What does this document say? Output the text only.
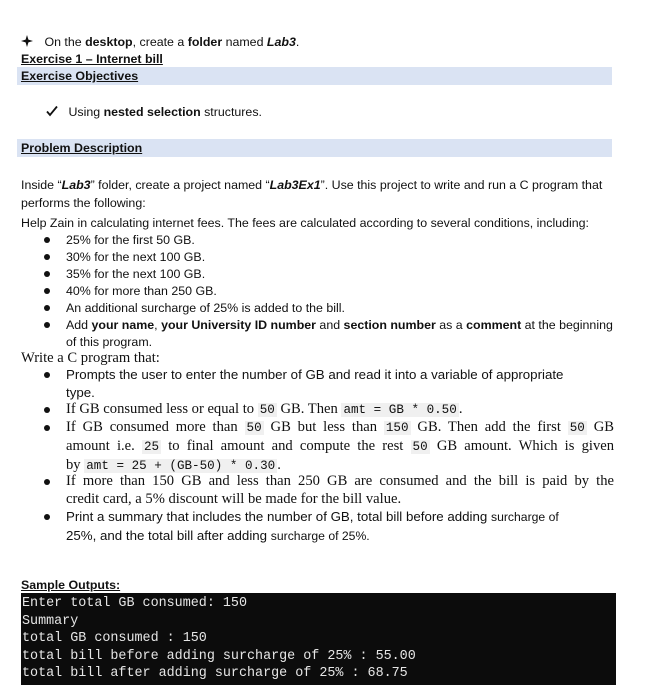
On the desktop, create a folder named Lab3.
Exercise 1 – Internet bill
Exercise Objectives
Using nested selection structures.
Problem Description
Inside “Lab3” folder, create a project named “Lab3Ex1”. Use this project to write and run a C program that performs the following:
Help Zain in calculating internet fees. The fees are calculated according to several conditions, including:
25% for the first 50 GB.
30% for the next 100 GB.
35% for the next 100 GB.
40% for more than 250 GB.
An additional surcharge of 25% is added to the bill.
Add your name, your University ID number and section number as a comment at the beginning
of this program.
Write a C program that:
Prompts the user to enter the number of GB and read it into a variable of appropriate
type.
If GB consumed less or equal to 50 GB. Then amt = GB * 0.50 .
If GB consumed more than 50 GB but less than 150 GB. Then add the first 50 GB
amount i.e. 25 to final amount and compute the rest 50 GB amount. Which is given
by amt = 25 + (GB-50) * 0.30 .
If more than 150 GB and less than 250 GB are consumed and the bill is paid by the
credit card, a 5% discount will be made for the bill value.
Print a summary that includes the number of GB, total bill before adding surcharge of
25%, and the total bill after adding surcharge of 25%.
Sample Outputs:
Enter total GB consumed: 150
Summary
total GB consumed : 150
total bill before adding surcharge of 25% : 55.00
total bill after adding surcharge of 25% : 68.75
